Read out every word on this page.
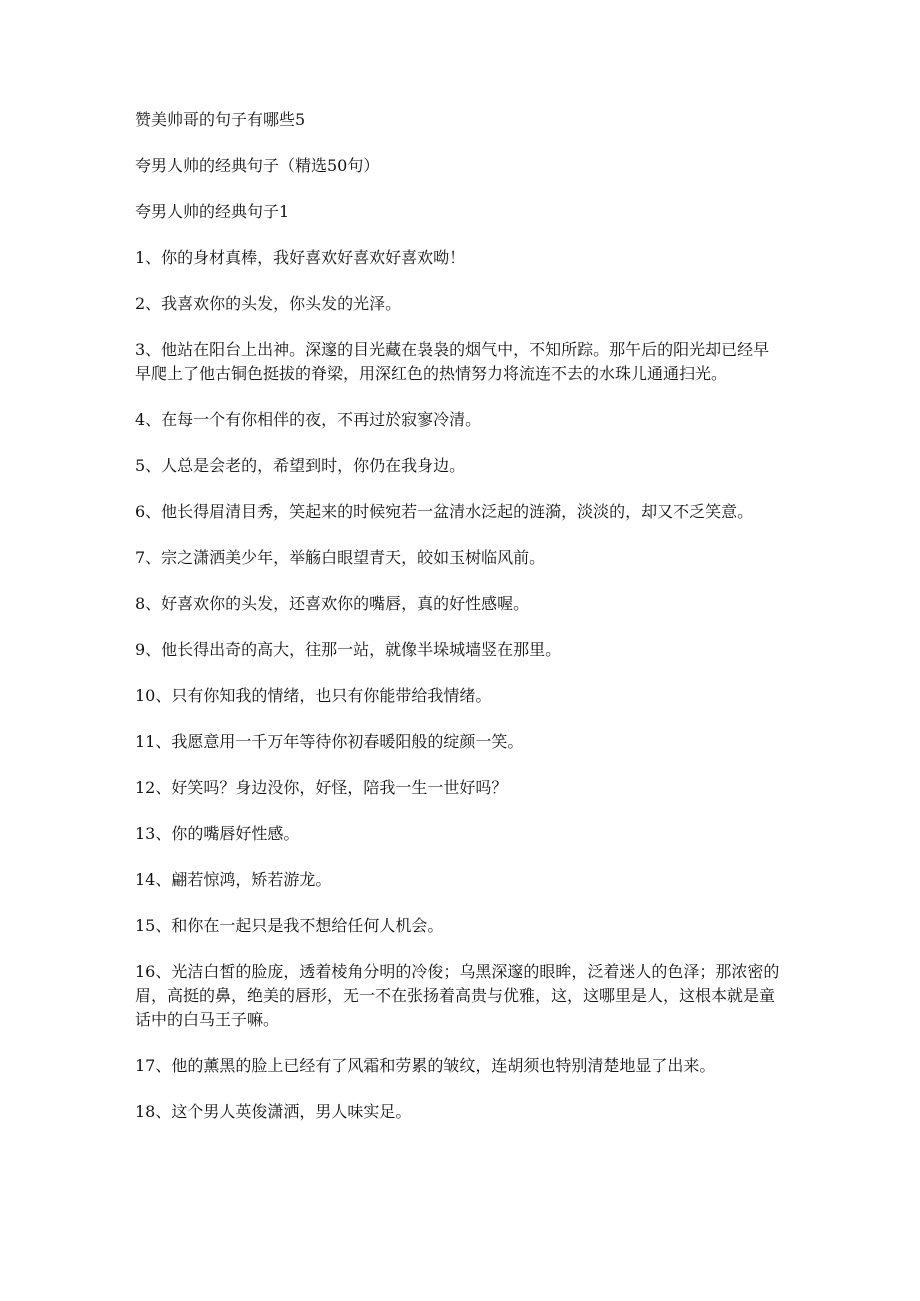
赞美帅哥的句子有哪些5

夸男人帅的经典句子（精选50句）

夸男人帅的经典句子1

1、你的身材真棒，我好喜欢好喜欢好喜欢呦！

2、我喜欢你的头发，你头发的光泽。

3、他站在阳台上出神。深邃的目光藏在袅袅的烟气中，不知所踪。那午后的阳光却已经早早爬上了他古铜色挺拔的脊梁，用深红色的热情努力将流连不去的水珠儿通通扫光。

4、在每一个有你相伴的夜，不再过於寂寥冷清。

5、人总是会老的，希望到时，你仍在我身边。

6、他长得眉清目秀，笑起来的时候宛若一盆清水泛起的涟漪，淡淡的，却又不乏笑意。

7、宗之潇洒美少年，举觞白眼望青天，皎如玉树临风前。

8、好喜欢你的头发，还喜欢你的嘴唇，真的好性感喔。

9、他长得出奇的高大，往那一站，就像半垛城墙竖在那里。

10、只有你知我的情绪，也只有你能带给我情绪。

11、我愿意用一千万年等待你初春暖阳般的绽颜一笑。

12、好笑吗？身边没你，好怪，陪我一生一世好吗？

13、你的嘴唇好性感。

14、翩若惊鸿，矫若游龙。

15、和你在一起只是我不想给任何人机会。

16、光洁白皙的脸庞，透着棱角分明的冷俊；乌黑深邃的眼眸，泛着迷人的色泽；那浓密的眉，高挺的鼻，绝美的唇形，无一不在张扬着高贵与优雅，这，这哪里是人，这根本就是童话中的白马王子嘛。

17、他的薰黑的脸上已经有了风霜和劳累的皱纹，连胡须也特别清楚地显了出来。

18、这个男人英俊潇洒，男人味实足。
